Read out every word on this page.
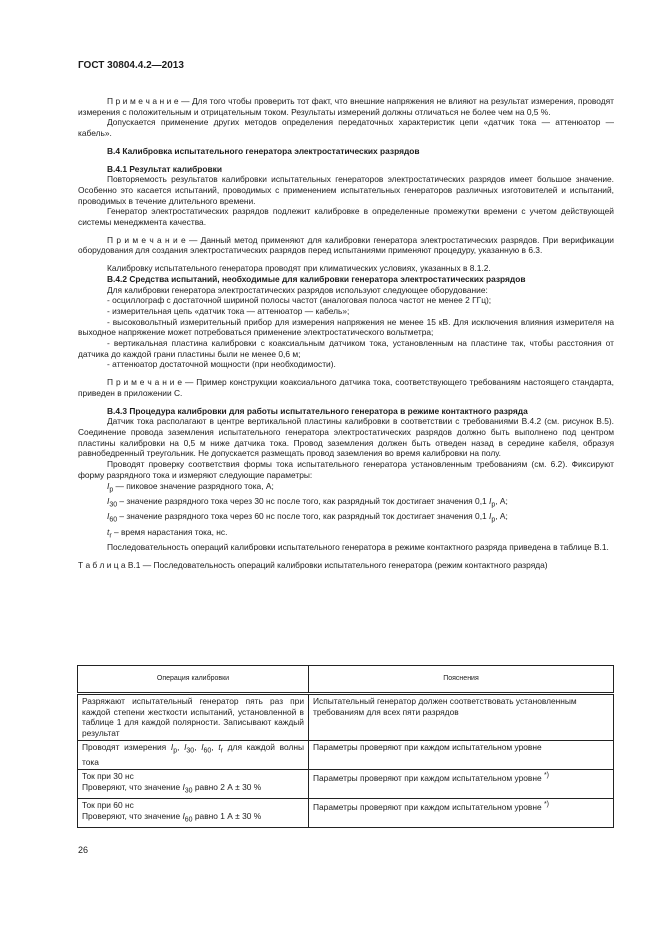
ГОСТ 30804.4.2—2013
П р и м е ч а н и е — Для того чтобы проверить тот факт, что внешние напряжения не влияют на результат измерения, проводят измерения с положительным и отрицательным током. Результаты измерений должны отличаться не более чем на 0,5 %.
Допускается применение других методов определения передаточных характеристик цепи «датчик тока — аттенюатор — кабель».
В.4 Калибровка испытательного генератора электростатических разрядов
В.4.1 Результат калибровки
Повторяемость результатов калибровки испытательных генераторов электростатических разрядов имеет большое значение. Особенно это касается испытаний, проводимых с применением испытательных генераторов различных изготовителей и испытаний, проводимых в течение длительного времени.
Генератор электростатических разрядов подлежит калибровке в определенные промежутки времени с учетом действующей системы менеджмента качества.
П р и м е ч а н и е — Данный метод применяют для калибровки генератора электростатических разрядов. При верификации оборудования для создания электростатических разрядов перед испытаниями применяют процедуру, указанную в 6.3.
Калибровку испытательного генератора проводят при климатических условиях, указанных в 8.1.2.
В.4.2 Средства испытаний, необходимые для калибровки генератора электростатических разрядов
Для калибровки генератора электростатических разрядов используют следующее оборудование:
- осциллограф с достаточной шириной полосы частот (аналоговая полоса частот не менее 2 ГГц);
- измерительная цепь «датчик тока — аттенюатор — кабель»;
- высоковольтный измерительный прибор для измерения напряжения не менее 15 кВ. Для исключения влияния измерителя на выходное напряжение может потребоваться применение электростатического вольтметра;
- вертикальная пластина калибровки с коаксиальным датчиком тока, установленным на пластине так, чтобы расстояния от датчика до каждой грани пластины были не менее 0,6 м;
- аттенюатор достаточной мощности (при необходимости).
П р и м е ч а н и е — Пример конструкции коаксиального датчика тока, соответствующего требованиям настоящего стандарта, приведен в приложении С.
В.4.3 Процедура калибровки для работы испытательного генератора в режиме контактного разряда
Датчик тока располагают в центре вертикальной пластины калибровки в соответствии с требованиями В.4.2 (см. рисунок В.5). Соединение провода заземления испытательного генератора электростатических разрядов должно быть выполнено под центром пластины калибровки на 0,5 м ниже датчика тока. Провод заземления должен быть отведен назад в середине кабеля, образуя равнобедренный треугольник. Не допускается размещать провод заземления во время калибровки на полу.
Проводят проверку соответствия формы тока испытательного генератора установленным требованиям (см. 6.2). Фиксируют форму разрядного тока и измеряют следующие параметры:
$I_p$ — пиковое значение разрядного тока, А;
$I_{30}$ – значение разрядного тока через 30 нс после того, как разрядный ток достигает значения 0,1 $I_p$, А;
$I_{60}$ – значение разрядного тока через 60 нс после того, как разрядный ток достигает значения 0,1 $I_p$, А;
$t_r$ – время нарастания тока, нс.
Последовательность операций калибровки испытательного генератора в режиме контактного разряда приведена в таблице В.1.
Т а б л и ц а В.1 — Последовательность операций калибровки испытательного генератора (режим контактного разряда)
Операция калибровки	Пояснения
Разряжают испытательный генератор пять раз при каждой степени жесткости испытаний, установленной в таблице 1 для каждой полярности. Записывают каждый результат	Испытательный генератор должен соответствовать установленным требованиям для всех пяти разрядов
Проводят измерения $I_p$, $I_{30}$, $I_{60}$, $t_r$ для каждой волны тока	Параметры проверяют при каждом испытательном уровне

Ток при 30 нс
Проверяют, что значение $I_{30}$ равно 2 А ± 30 %	Параметры проверяют при каждом испытательном уровне *)

Ток при 60 нс
Проверяют, что значение $I_{60}$ равно 1 А ± 30 %	Параметры проверяют при каждом испытательном уровне *)
26
